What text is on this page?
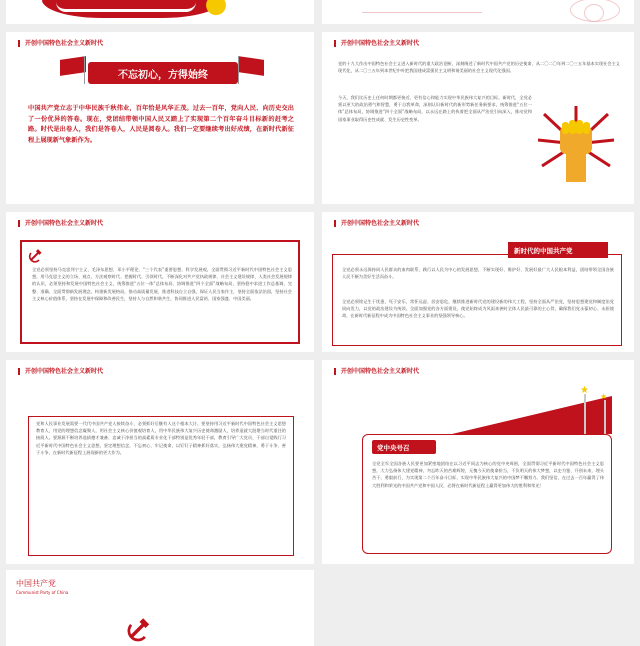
开创中国特色社会主义新时代
不忘初心，方得始终
中国共产党立志于中华民族千秋伟业，百年恰是风华正茂。过去一百年，党向人民、向历史交出了一份优异的答卷。现在，党团结带领中国人民又踏上了实现第二个百年奋斗目标新的赶考之路。时代是出卷人，我们是答卷人，人民是阅卷人。我们一定要继续考出好成绩，在新时代新征程上展现新气象新作为。
开创中国特色社会主义新时代
党的十九大作出中国特色社会主义进入新时代的重大政治论断，深刻阐述了新时代中国共产党的历史使命，从二〇二〇年到二〇三五年基本实现社会主义现代化，从二〇三五年到本世纪中叶把我国建成富强民主文明和谐美丽的社会主义现代化强国。
今天，我们比历史上任何时期都更接近、更有信心和能力实现中华民族伟大复兴的目标。新时代，全党必须以更大的政治勇气和智慧，勇于自我革命，深刻认识新时代的新形势新任务新要求，统筹推进“五位一体”总体布局，协调推进“四个全面”战略布局，以永远在路上的执着把全面从严治党引向深入，推动党和国家事业取得历史性成就、发生历史性变革。
开创中国特色社会主义新时代
全党必须坚持马克思列宁主义、毛泽东思想、邓小平理论、“三个代表”重要思想、科学发展观，全面贯彻习近平新时代中国特色社会主义思想，用马克思主义的立场、观点、方法观察时代、把握时代、引领时代，不断深化对共产党执政规律、社会主义建设规律、人类社会发展规律的认识，必须坚持和发展中国特色社会主义，统筹推进“五位一体”总体布局、协调推进“四个全面”战略布局，坚持稳中求进工作总基调，完整、准确、全面贯彻新发展理念，构建新发展格局，推动高质量发展，推进科技自立自强，保证人民当家作主，坚持全面依法治国，坚持社会主义核心价值体系，坚持在发展中保障和改善民生，坚持人与自然和谐共生，协同推进人民富裕、国家强盛、中国美丽。
开创中国特色社会主义新时代
新时代的中国共产党
全党必须永远保持同人民群众的血肉联系，践行以人民为中心的发展思想，不断实现好、维护好、发展好最广大人民根本利益，团结带领全国各族人民不断为美好生活而奋斗。
全党必须铭记生于忧患、死于安乐，常怀远虑、居安思危，继续推进新时代党的建设新的伟大工程，坚持全面从严治党，坚持思想建党和制度治党同向发力，以党的政治建设为统领，全面加强党的各方面建设，使党始终成为风雨来袭时全体人民最可靠的主心骨，确保我们党永葆初心、永担使命，在新时代新征程中成为中国特色社会主义事业的坚强领导核心。
开创中国特色社会主义新时代
党和人民事业发展需要一代代中国共产党人接续奋斗，必须抓好后继有人这个根本大计。要坚持用习近平新时代中国特色社会主义思想教育人，用党的理想信念凝聚人，用社会主义核心价值观培育人，用中华民族伟大复兴历史使命激励人，培养造就大批堪当时代重任的接班人。要源源不断培养选拔德才兼备、忠诚干净担当的高素质专业化干部特别是优秀年轻干部，教育引导广大党员、干部自觉践行习近平新时代中国特色社会主义思想，坚定理想信念，不忘初心、牢记使命，以钉钉子精神抓好落实，弘扬伟大建党精神，勇于斗争、善于斗争，在新时代新征程上展现新的更大作为。
开创中国特色社会主义新时代
★
★
党中央号召
全党全军全国各族人民要更加紧密地团结在以习近平同志为核心的党中央周围，全面贯彻习近平新时代中国特色社会主义思想，大力弘扬伟大建党精神，勿忘昨天的苦难辉煌，无愧今天的使命担当，不负明天的伟大梦想，以史为鉴、开创未来，埋头苦干、勇毅前行，为实现第二个百年奋斗目标、实现中华民族伟大复兴的中国梦不懈努力。我们坚信，在过去一百年赢得了伟大胜利和荣光的中国共产党和中国人民，必将在新时代新征程上赢得更加伟大的胜利和荣光！
中国共产党
Communist Party of China
